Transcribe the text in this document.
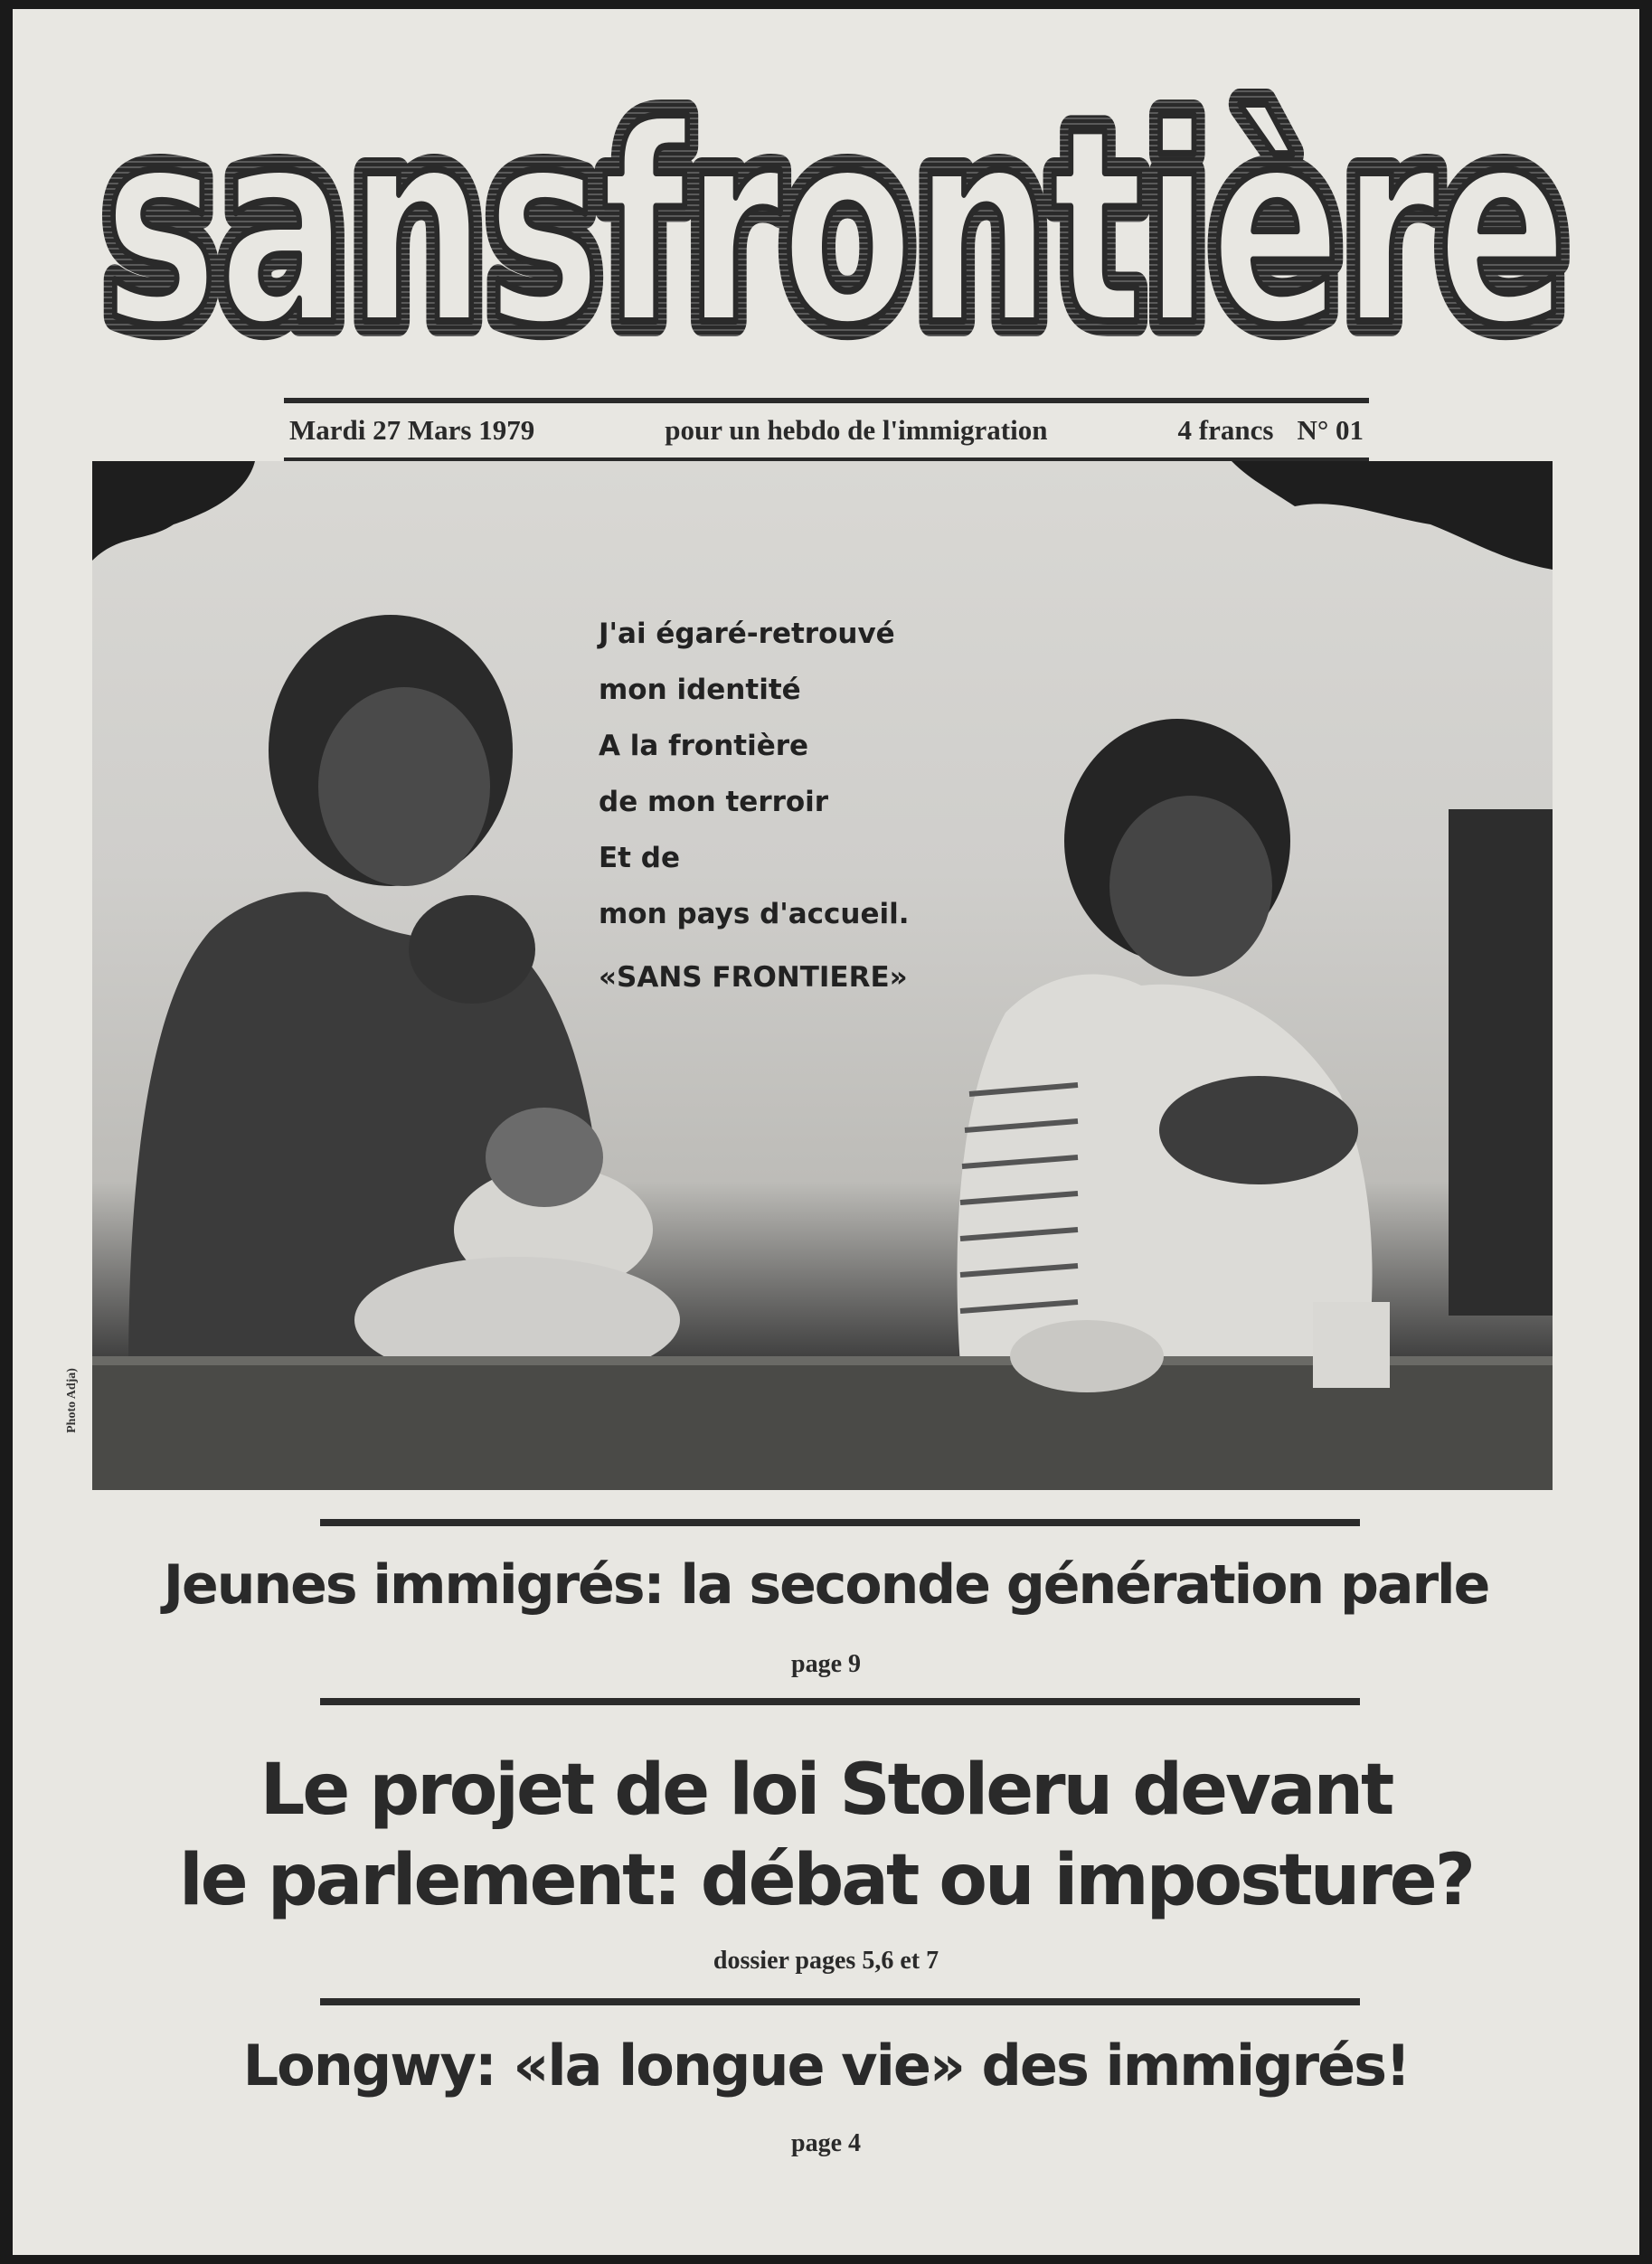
sansfrontière
sansfrontière
Mardi 27 Mars 1979	pour un hebdo de l'immigration	4 francs N° 01
J'ai égaré-retrouvé
mon identité
A la frontière
de mon terroir
Et de
mon pays d'accueil.
«SANS FRONTIERE»
Photo Adja)
Jeunes immigrés: la seconde génération parle
page 9
Le projet de loi Stoleru devant
le parlement: débat ou imposture?
dossier pages 5,6 et 7
Longwy: «la longue vie» des immigrés!
page 4
